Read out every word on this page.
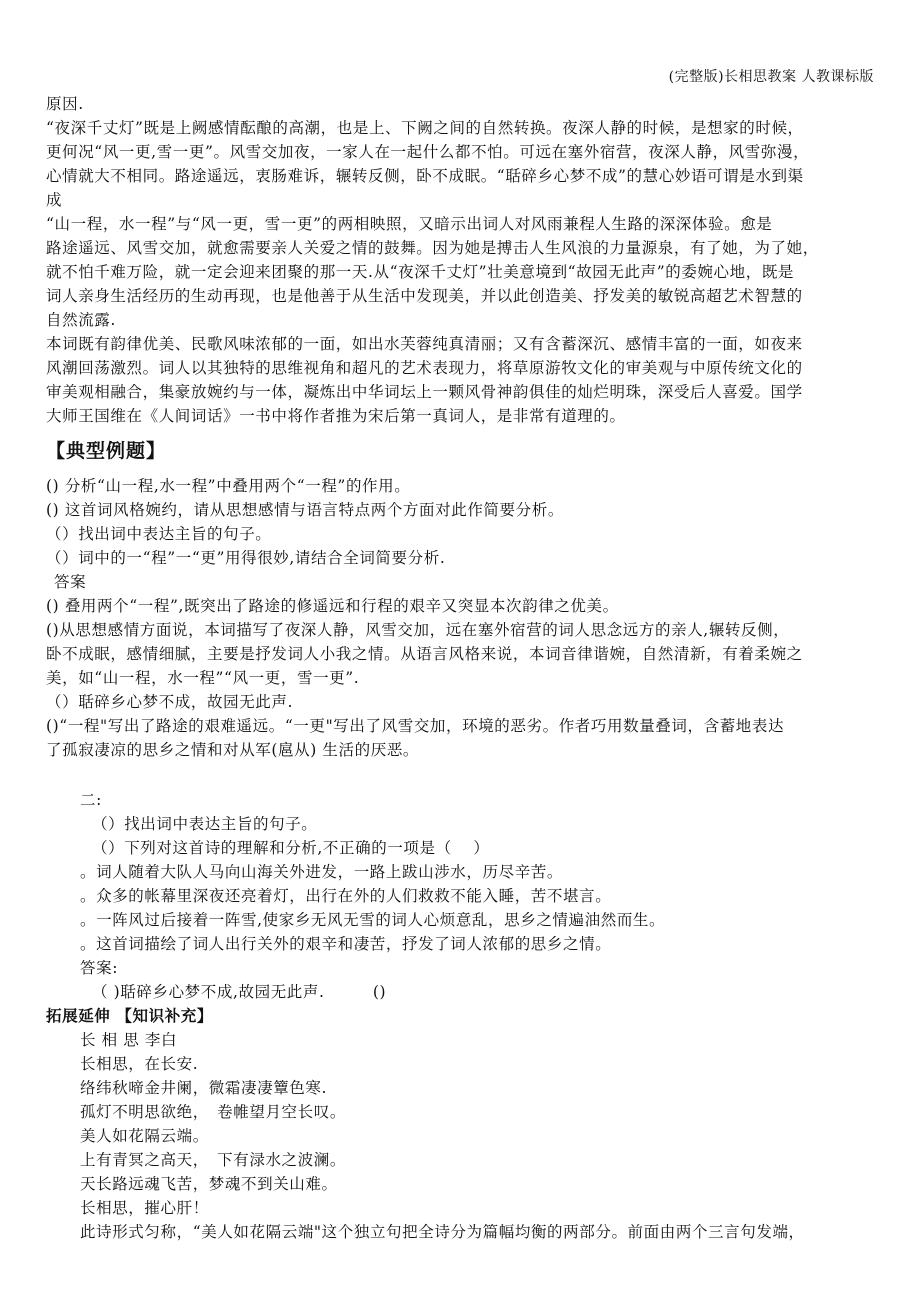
(完整版)长相思教案 人教课标版
原因.
“夜深千丈灯”既是上阙感情酝酿的高潮，也是上、下阙之间的自然转换。夜深人静的时候，是想家的时候，
更何况“风一更,雪一更”。风雪交加夜，一家人在一起什么都不怕。可远在塞外宿营，夜深人静，风雪弥漫，
心情就大不相同。路途遥远，衷肠难诉，辗转反侧，卧不成眠。“聒碎乡心梦不成”的慧心妙语可谓是水到渠
成
“山一程，水一程”与“风一更，雪一更”的两相映照，又暗示出词人对风雨兼程人生路的深深体验。愈是
路途遥远、风雪交加，就愈需要亲人关爱之情的鼓舞。因为她是搏击人生风浪的力量源泉，有了她，为了她，
就不怕千难万险，就一定会迎来团聚的那一天.从“夜深千丈灯”壮美意境到“故园无此声”的委婉心地，既是
词人亲身生活经历的生动再现，也是他善于从生活中发现美，并以此创造美、抒发美的敏锐高超艺术智慧的
自然流露.
本词既有韵律优美、民歌风味浓郁的一面，如出水芙蓉纯真清丽；又有含蓄深沉、感情丰富的一面，如夜来
风潮回荡激烈。词人以其独特的思维视角和超凡的艺术表现力，将草原游牧文化的审美观与中原传统文化的
审美观相融合，集豪放婉约与一体，凝炼出中华词坛上一颗风骨神韵俱佳的灿烂明珠，深受后人喜爱。国学
大师王国维在《人间词话》一书中将作者推为宋后第一真词人，是非常有道理的。
【典型例题】
() 分析“山一程,水一程”中叠用两个“一程”的作用。
() 这首词风格婉约，请从思想感情与语言特点两个方面对此作简要分析。
（）找出词中表达主旨的句子。
（）词中的一“程”一“更”用得很妙,请结合全词简要分析.
答案
() 叠用两个“一程”,既突出了路途的修遥远和行程的艰辛又突显本次韵律之优美。
()从思想感情方面说，本词描写了夜深人静，风雪交加，远在塞外宿营的词人思念远方的亲人,辗转反侧，
卧不成眠，感情细腻，主要是抒发词人小我之情。从语言风格来说，本词音律谐婉，自然清新，有着柔婉之
美，如“山一程，水一程”“风一更，雪一更”.
（）聒碎乡心梦不成，故园无此声.
()“一程"写出了路途的艰难遥远。“一更"写出了风雪交加，环境的恶劣。作者巧用数量叠词，含蓄地表达
了孤寂凄凉的思乡之情和对从军(扈从) 生活的厌恶。
二:
（）找出词中表达主旨的句子。
（）下列对这首诗的理解和分析,不正确的一项是（　 ）
。词人随着大队人马向山海关外进发，一路上跋山涉水，历尽辛苦。
。众多的帐幕里深夜还亮着灯，出行在外的人们救救不能入睡，苦不堪言。
。一阵风过后接着一阵雪,使家乡无风无雪的词人心烦意乱，思乡之情遍油然而生。
。这首词描绘了词人出行关外的艰辛和凄苦，抒发了词人浓郁的思乡之情。
答案:
（ )聒碎乡心梦不成,故园无此声.　　　()
拓展延伸 【知识补充】
长 相 思 李白
长相思，在长安.
络纬秋啼金井阑，微霜凄凄簟色寒.
孤灯不明思欲绝，　卷帷望月空长叹。
美人如花隔云端。
上有青冥之高天，　下有渌水之波澜。
天长路远魂飞苦，梦魂不到关山难。
长相思，摧心肝！
此诗形式匀称，“美人如花隔云端"这个独立句把全诗分为篇幅均衡的两部分。前面由两个三言句发端，
